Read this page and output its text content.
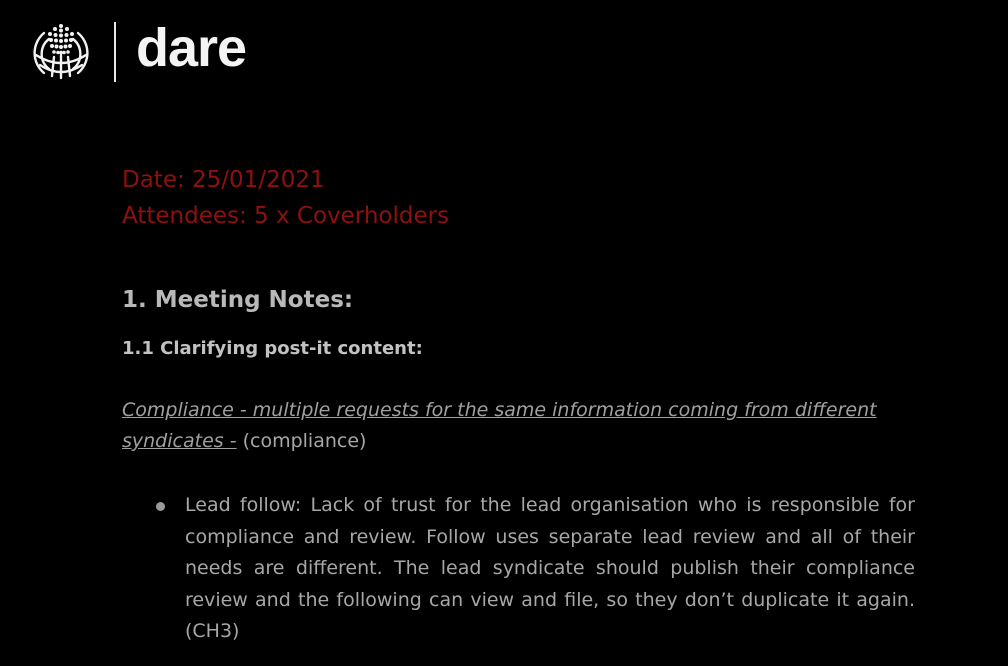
dare
Date: 25/01/2021
Attendees: 5 x Coverholders
1. Meeting Notes:
1.1 Clarifying post-it content:
Compliance - multiple requests for the same information coming from different syndicates - (compliance)
Lead follow: Lack of trust for the lead organisation who is responsible for compliance and review. Follow uses separate lead review and all of their needs are different. The lead syndicate should publish their compliance review and the following can view and file, so they don’t duplicate it again. (CH3)
